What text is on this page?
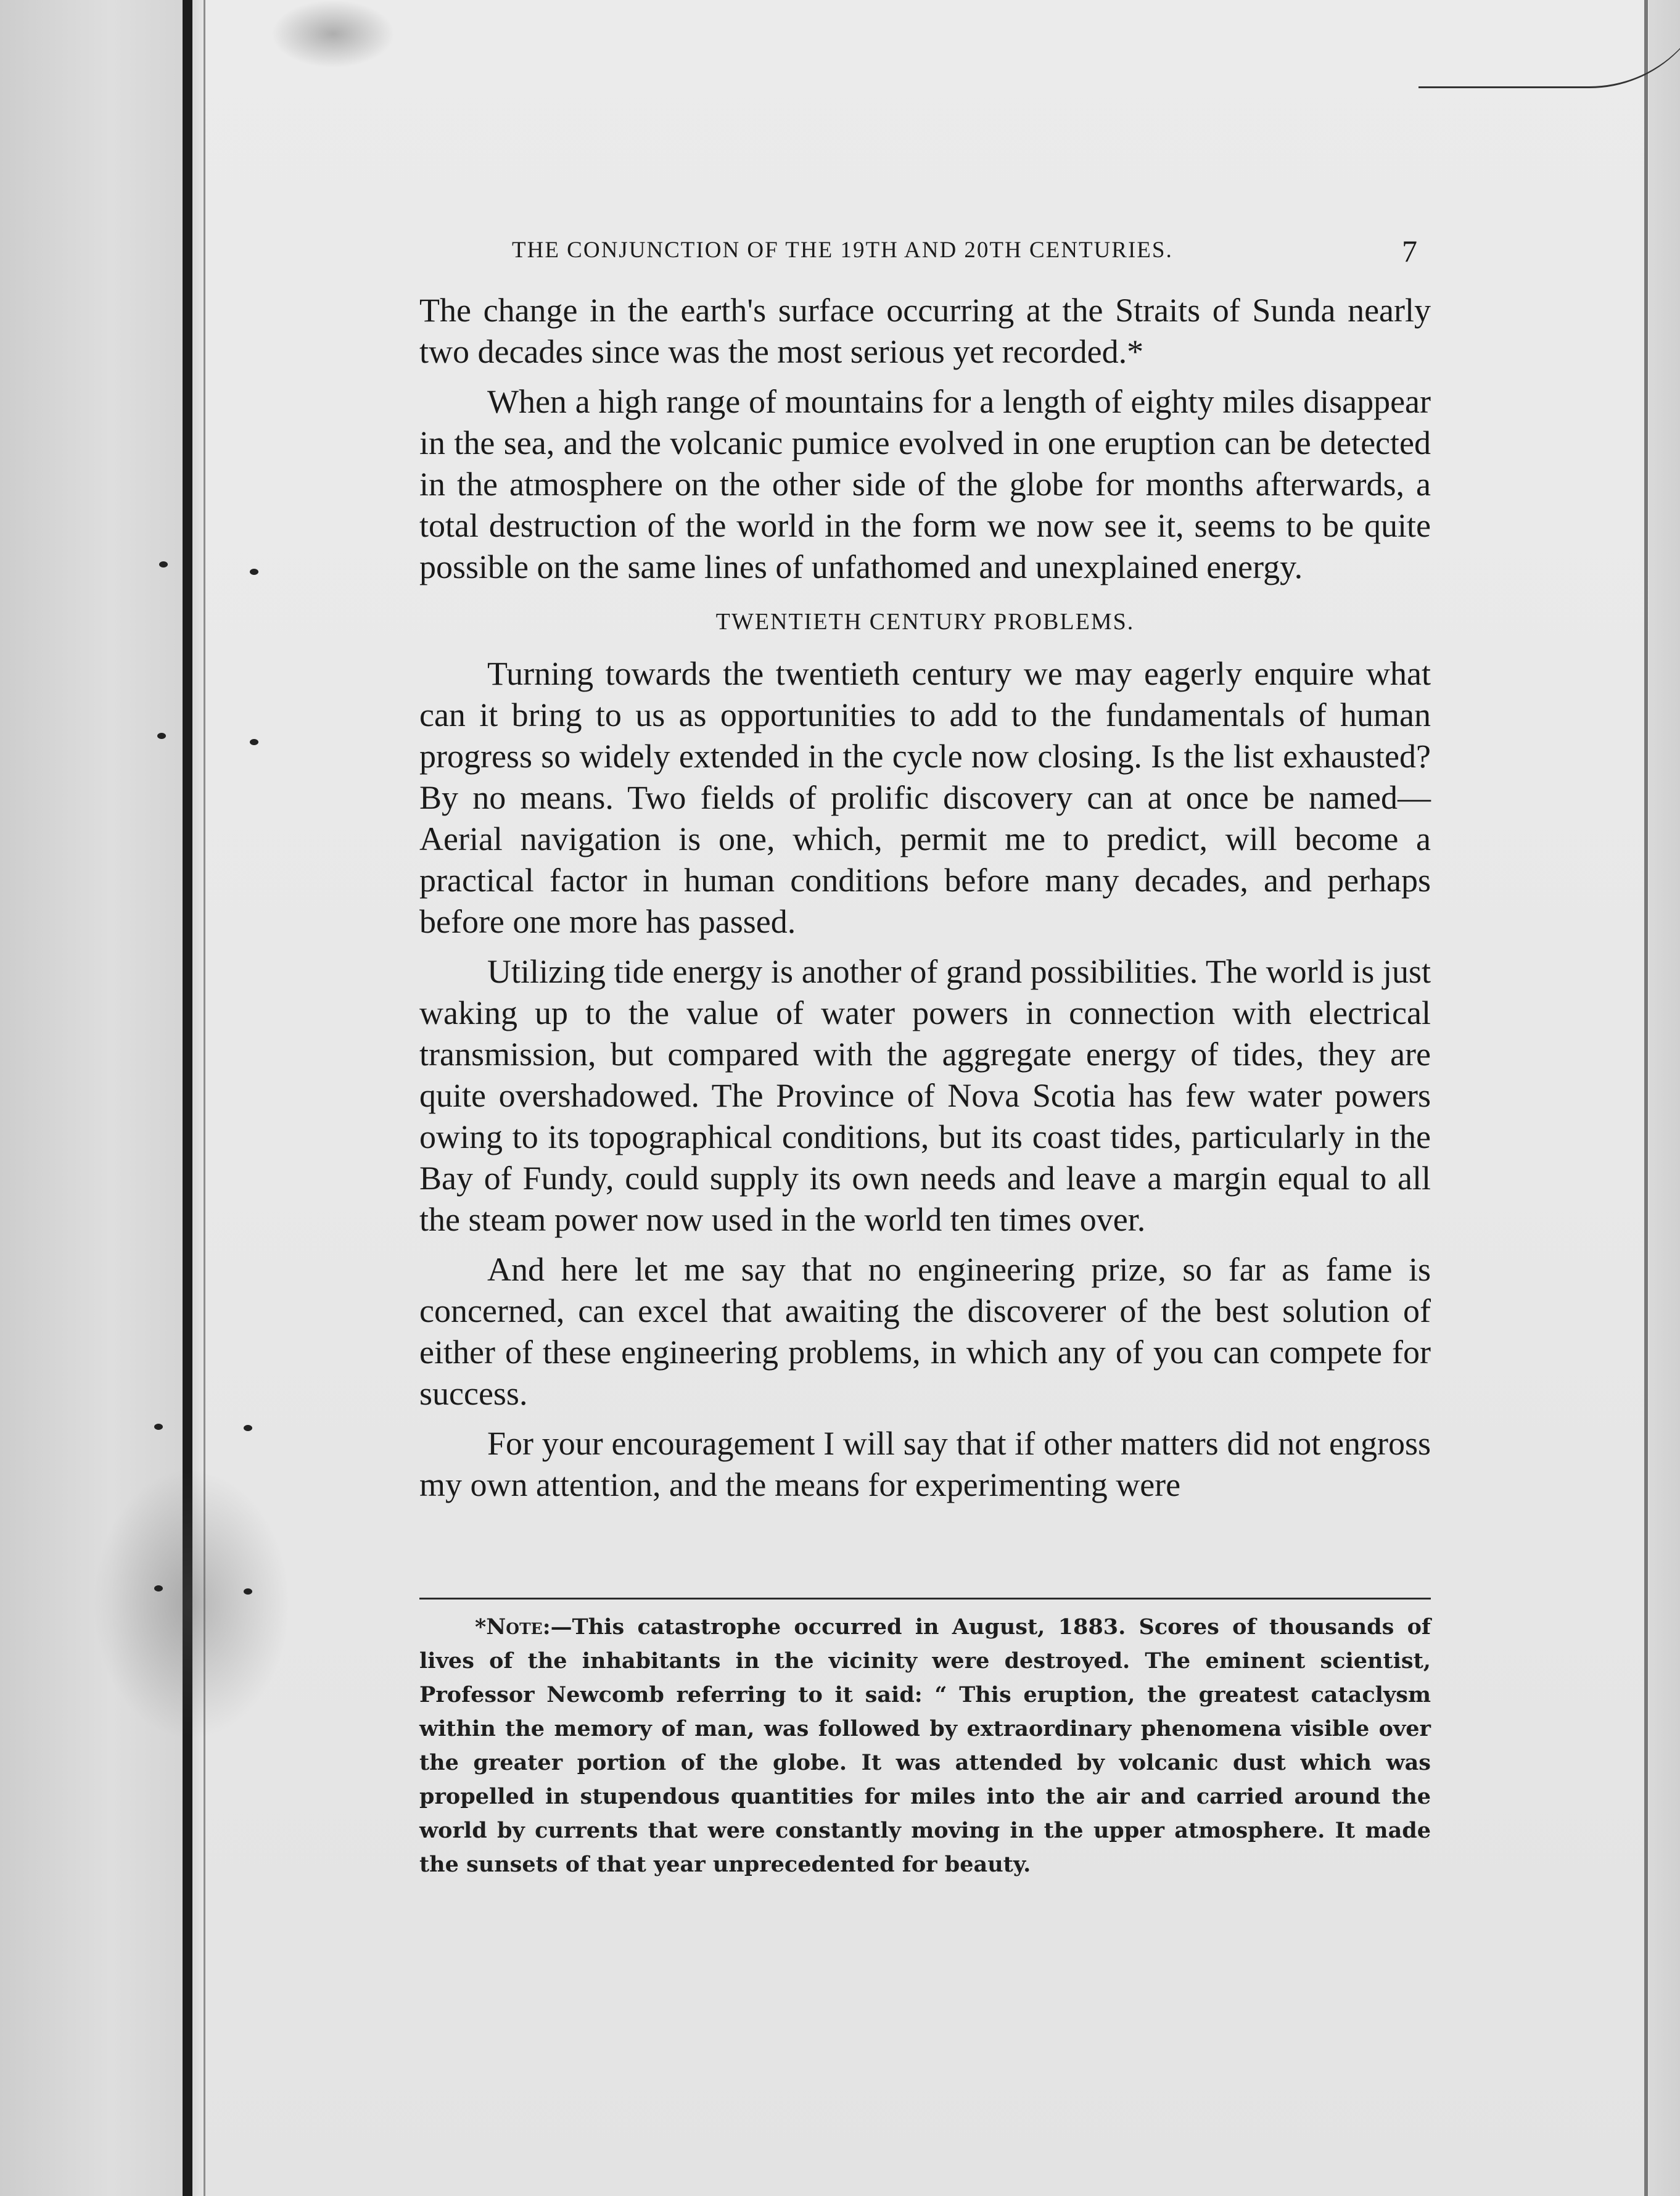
THE CONJUNCTION OF THE 19TH AND 20TH CENTURIES.	7

The change in the earth's surface occurring at the Straits of Sunda nearly two decades since was the most serious yet recorded.*

When a high range of mountains for a length of eighty miles disappear in the sea, and the volcanic pumice evolved in one eruption can be detected in the atmosphere on the other side of the globe for months afterwards, a total destruction of the world in the form we now see it, seems to be quite possible on the same lines of unfathomed and unexplained energy.

TWENTIETH CENTURY PROBLEMS.

Turning towards the twentieth century we may eagerly enquire what can it bring to us as opportunities to add to the fundamentals of human progress so widely extended in the cycle now closing. Is the list exhausted? By no means. Two fields of prolific discovery can at once be named—Aerial navigation is one, which, permit me to predict, will become a practical factor in human conditions before many decades, and perhaps before one more has passed.

Utilizing tide energy is another of grand possibilities. The world is just waking up to the value of water powers in connection with electrical transmission, but compared with the aggregate energy of tides, they are quite overshadowed. The Province of Nova Scotia has few water powers owing to its topographical conditions, but its coast tides, particularly in the Bay of Fundy, could supply its own needs and leave a margin equal to all the steam power now used in the world ten times over.

And here let me say that no engineering prize, so far as fame is concerned, can excel that awaiting the discoverer of the best solution of either of these engineering problems, in which any of you can compete for success.

For your encouragement I will say that if other matters did not engross my own attention, and the means for experimenting were

*Note:—This catastrophe occurred in August, 1883. Scores of thousands of lives of the inhabitants in the vicinity were destroyed. The eminent scientist, Professor Newcomb referring to it said: “ This eruption, the greatest cataclysm within the memory of man, was followed by extraordinary phenomena visible over the greater portion of the globe. It was attended by volcanic dust which was propelled in stupendous quantities for miles into the air and carried around the world by currents that were constantly moving in the upper atmosphere. It made the sunsets of that year unprecedented for beauty.
